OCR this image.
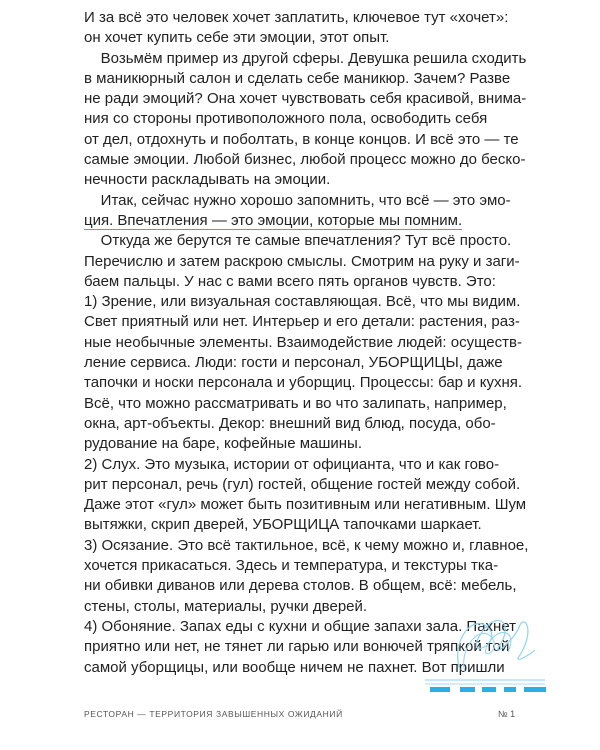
И за всё это человек хочет заплатить, ключевое тут «хочет»:
он хочет купить себе эти эмоции, этот опыт.
Возьмём пример из другой сферы. Девушка решила сходить
в маникюрный салон и сделать себе маникюр. Зачем? Разве
не ради эмоций? Она хочет чувствовать себя красивой, внима-
ния со стороны противоположного пола, освободить себя
от дел, отдохнуть и поболтать, в конце концов. И всё это — те
самые эмоции. Любой бизнес, любой процесс можно до беско-
нечности раскладывать на эмоции.
Итак, сейчас нужно хорошо запомнить, что всё — это эмо-
ция. Впечатления — это эмоции, которые мы помним.
Откуда же берутся те самые впечатления? Тут всё просто.
Перечислю и затем раскрою смыслы. Смотрим на руку и заги-
баем пальцы. У нас с вами всего пять органов чувств. Это:
1) Зрение, или визуальная составляющая. Всё, что мы видим.
Свет приятный или нет. Интерьер и его детали: растения, раз-
ные необычные элементы. Взаимодействие людей: осуществ-
ление сервиса. Люди: гости и персонал, УБОРЩИЦЫ, даже
тапочки и носки персонала и уборщиц. Процессы: бар и кухня.
Всё, что можно рассматривать и во что залипать, например,
окна, арт-объекты. Декор: внешний вид блюд, посуда, обо-
рудование на баре, кофейные машины.
2) Слух. Это музыка, истории от официанта, что и как гово-
рит персонал, речь (гул) гостей, общение гостей между собой.
Даже этот «гул» может быть позитивным или негативным. Шум
вытяжки, скрип дверей, УБОРЩИЦА тапочками шаркает.
3) Осязание. Это всё тактильное, всё, к чему можно и, главное,
хочется прикасаться. Здесь и температура, и текстуры тка-
ни обивки диванов или дерева столов. В общем, всё: мебель,
стены, столы, материалы, ручки дверей.
4) Обоняние. Запах еды с кухни и общие запахи зала. Пахнет
приятно или нет, не тянет ли гарью или вонючей тряпкой той
самой уборщицы, или вообще ничем не пахнет. Вот пришли
РЕСТОРАН — ТЕРРИТОРИЯ ЗАВЫШЕННЫХ ОЖИДАНИЙ	№ 1
